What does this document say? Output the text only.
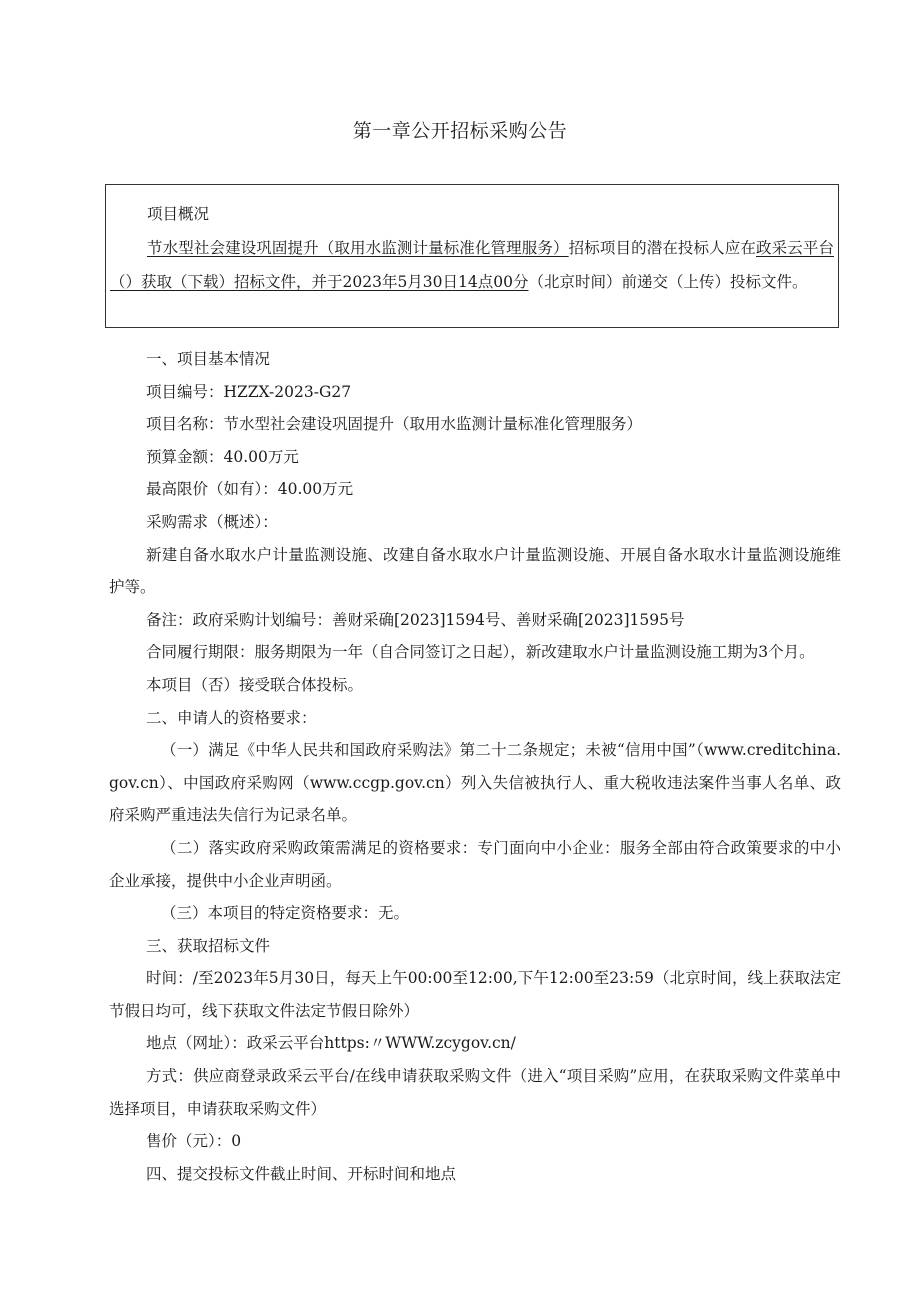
第一章公开招标采购公告
项目概况
节水型社会建设巩固提升（取用水监测计量标准化管理服务）招标项目的潜在投标人应在政采云平台（）获取（下载）招标文件，并于2023年5月30日14点00分（北京时间）前递交（上传）投标文件。

一、项目基本情况

项目编号：HZZX-2023-G27

项目名称：节水型社会建设巩固提升（取用水监测计量标准化管理服务）

预算金额：40.00万元

最高限价（如有）：40.00万元

采购需求（概述）：

新建自备水取水户计量监测设施、改建自备水取水户计量监测设施、开展自备水取水计量监测设施维护等。

备注：政府采购计划编号：善财采确[2023]1594号、善财采确[2023]1595号

合同履行期限：服务期限为一年（自合同签订之日起），新改建取水户计量监测设施工期为3个月。

本项目（否）接受联合体投标。

二、申请人的资格要求：

（一）满足《中华人民共和国政府采购法》第二十二条规定；未被“信用中国”（www.creditchina.gov.cn）、中国政府采购网（www.ccgp.gov.cn）列入失信被执行人、重大税收违法案件当事人名单、政府采购严重违法失信行为记录名单。

（二）落实政府采购政策需满足的资格要求：专门面向中小企业：服务全部由符合政策要求的中小企业承接，提供中小企业声明函。

（三）本项目的特定资格要求：无。

三、获取招标文件

时间：/至2023年5月30日，每天上午00:00至12:00,下午12:00至23:59（北京时间，线上获取法定节假日均可，线下获取文件法定节假日除外）

地点（网址）：政采云平台https:〃WWW.zcygov.cn/

方式：供应商登录政采云平台/在线申请获取采购文件（进入“项目采购”应用，在获取采购文件菜单中选择项目，申请获取采购文件）

售价（元）：0

四、提交投标文件截止时间、开标时间和地点
